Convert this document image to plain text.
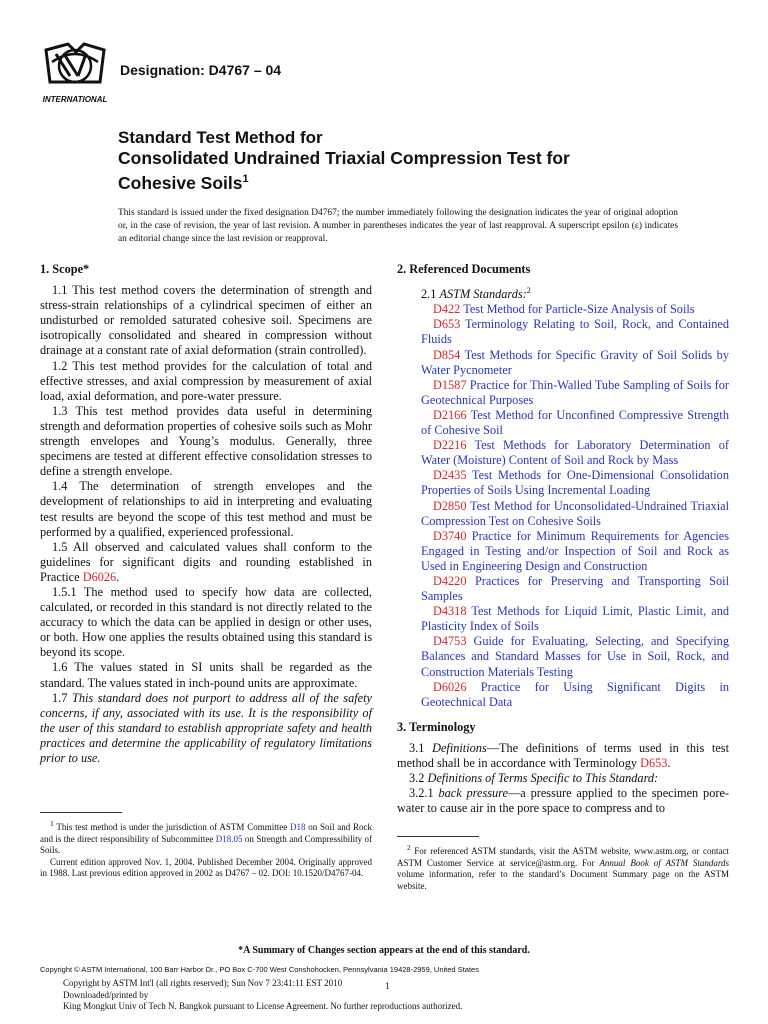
INTERNATIONAL
Designation: D4767 – 04
Standard Test Method for
Consolidated Undrained Triaxial Compression Test for
Cohesive Soils$^1$
This standard is issued under the fixed designation D4767; the number immediately following the designation indicates the year of original adoption or, in the case of revision, the year of last revision. A number in parentheses indicates the year of last reapproval. A superscript epsilon (ε) indicates an editorial change since the last revision or reapproval.
1. Scope*

1.1 This test method covers the determination of strength and stress-strain relationships of a cylindrical specimen of either an undisturbed or remolded saturated cohesive soil. Specimens are isotropically consolidated and sheared in compression without drainage at a constant rate of axial deformation (strain controlled).

1.2 This test method provides for the calculation of total and effective stresses, and axial compression by measurement of axial load, axial deformation, and pore-water pressure.

1.3 This test method provides data useful in determining strength and deformation properties of cohesive soils such as Mohr strength envelopes and Young’s modulus. Generally, three specimens are tested at different effective consolidation stresses to define a strength envelope.

1.4 The determination of strength envelopes and the development of relationships to aid in interpreting and evaluating test results are beyond the scope of this test method and must be performed by a qualified, experienced professional.

1.5 All observed and calculated values shall conform to the guidelines for significant digits and rounding established in Practice D6026.

1.5.1 The method used to specify how data are collected, calculated, or recorded in this standard is not directly related to the accuracy to which the data can be applied in design or other uses, or both. How one applies the results obtained using this standard is beyond its scope.

1.6 The values stated in SI units shall be regarded as the standard. The values stated in inch-pound units are approximate.

1.7 This standard does not purport to address all of the safety concerns, if any, associated with its use. It is the responsibility of the user of this standard to establish appropriate safety and health practices and determine the applicability of regulatory limitations prior to use.

2. Referenced Documents

2.1 ASTM Standards:$^2$

D422 Test Method for Particle-Size Analysis of Soils

D653 Terminology Relating to Soil, Rock, and Contained Fluids

D854 Test Methods for Specific Gravity of Soil Solids by Water Pycnometer

D1587 Practice for Thin-Walled Tube Sampling of Soils for Geotechnical Purposes

D2166 Test Method for Unconfined Compressive Strength of Cohesive Soil

D2216 Test Methods for Laboratory Determination of Water (Moisture) Content of Soil and Rock by Mass

D2435 Test Methods for One-Dimensional Consolidation Properties of Soils Using Incremental Loading

D2850 Test Method for Unconsolidated-Undrained Triaxial Compression Test on Cohesive Soils

D3740 Practice for Minimum Requirements for Agencies Engaged in Testing and/or Inspection of Soil and Rock as Used in Engineering Design and Construction

D4220 Practices for Preserving and Transporting Soil Samples

D4318 Test Methods for Liquid Limit, Plastic Limit, and Plasticity Index of Soils

D4753 Guide for Evaluating, Selecting, and Specifying Balances and Standard Masses for Use in Soil, Rock, and Construction Materials Testing

D6026 Practice for Using Significant Digits in Geotechnical Data

3. Terminology

3.1 Definitions—The definitions of terms used in this test method shall be in accordance with Terminology D653.

3.2 Definitions of Terms Specific to This Standard:

3.2.1 back pressure—a pressure applied to the specimen pore-water to cause air in the pore space to compress and to

$^1$ This test method is under the jurisdiction of ASTM Committee D18 on Soil and Rock and is the direct responsibility of Subcommittee D18.05 on Strength and Compressibility of Soils.

Current edition approved Nov. 1, 2004. Published December 2004. Originally approved in 1988. Last previous edition approved in 2002 as D4767 – 02. DOI: 10.1520/D4767-04.

$^2$ For referenced ASTM standards, visit the ASTM website, www.astm.org, or contact ASTM Customer Service at service@astm.org. For Annual Book of ASTM Standards volume information, refer to the standard’s Document Summary page on the ASTM website.

*A Summary of Changes section appears at the end of this standard.
Copyright © ASTM International, 100 Barr Harbor Dr., PO Box C-700 West Conshohocken, Pennsylvania 19428-2959, United States
Copyright by ASTM Int'l (all rights reserved); Sun Nov 7 23:41:11 EST 2010
Downloaded/printed by
King Mongkut Univ of Tech N. Bangkok pursuant to License Agreement. No further reproductions authorized.
1
